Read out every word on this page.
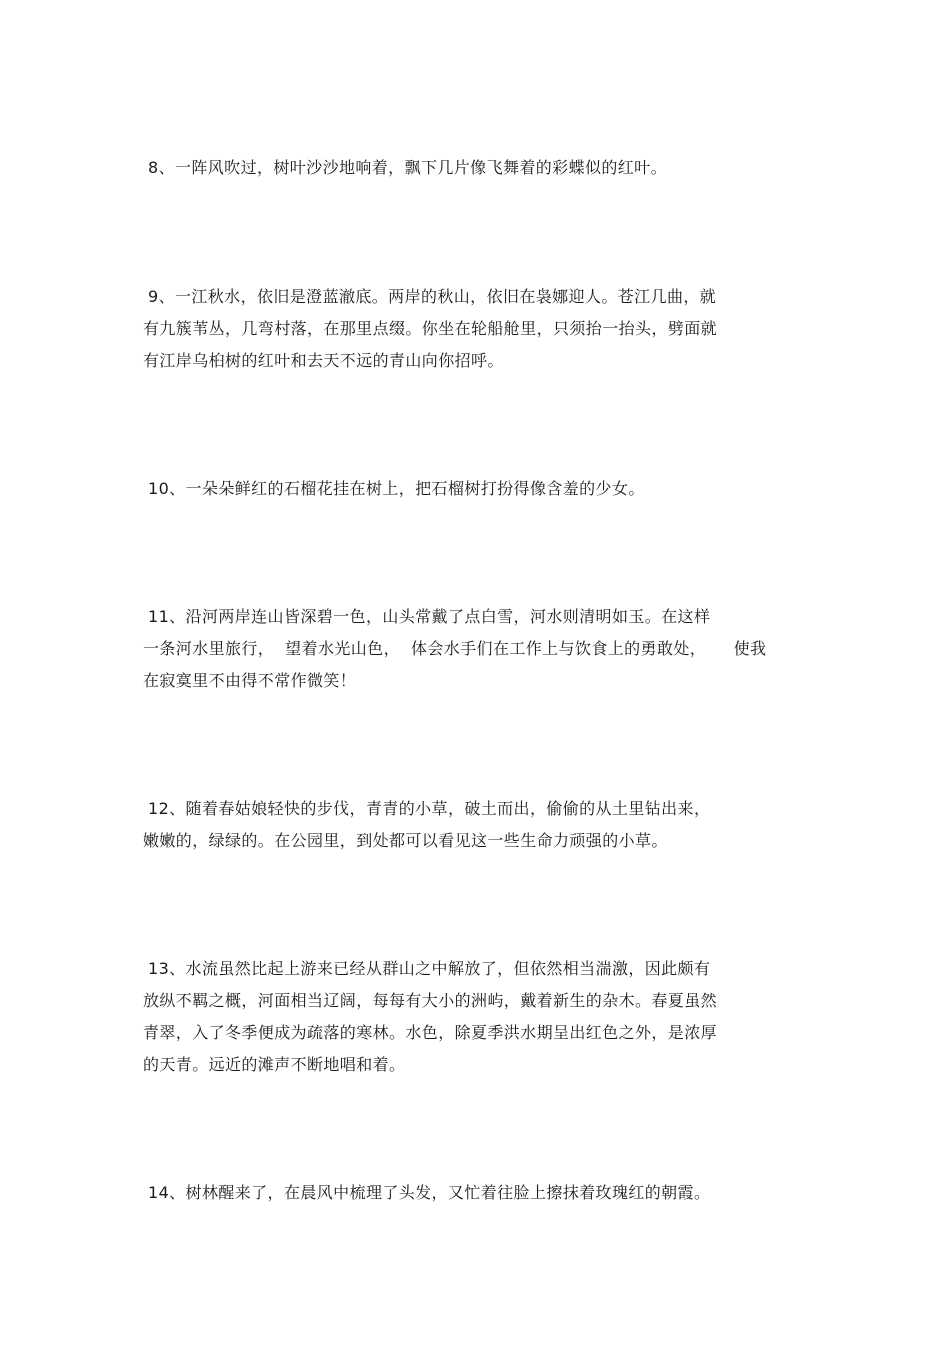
8、一阵风吹过，树叶沙沙地响着，飘下几片像飞舞着的彩蝶似的红叶。

9、一江秋水，依旧是澄蓝澈底。两岸的秋山，依旧在袅娜迎人。苍江几曲，就
有九簇苇丛，几弯村落，在那里点缀。你坐在轮船舱里，只须抬一抬头，劈面就
有江岸乌桕树的红叶和去天不远的青山向你招呼。

10、一朵朵鲜红的石榴花挂在树上，把石榴树打扮得像含羞的少女。

11、沿河两岸连山皆深碧一色，山头常戴了点白雪，河水则清明如玉。在这样
一条河水里旅行，  望着水光山色，  体会水手们在工作上与饮食上的勇敢处，     使我
在寂寞里不由得不常作微笑！

12、随着春姑娘轻快的步伐，青青的小草，破土而出，偷偷的从土里钻出来，
嫩嫩的，绿绿的。在公园里，到处都可以看见这一些生命力顽强的小草。

13、水流虽然比起上游来已经从群山之中解放了，但依然相当湍激，因此颇有
放纵不羁之概，河面相当辽阔，每每有大小的洲屿，戴着新生的杂木。春夏虽然
青翠，入了冬季便成为疏落的寒林。水色，除夏季洪水期呈出红色之外，是浓厚
的天青。远近的滩声不断地唱和着。

14、树林醒来了，在晨风中梳理了头发，又忙着往脸上擦抹着玫瑰红的朝霞。
